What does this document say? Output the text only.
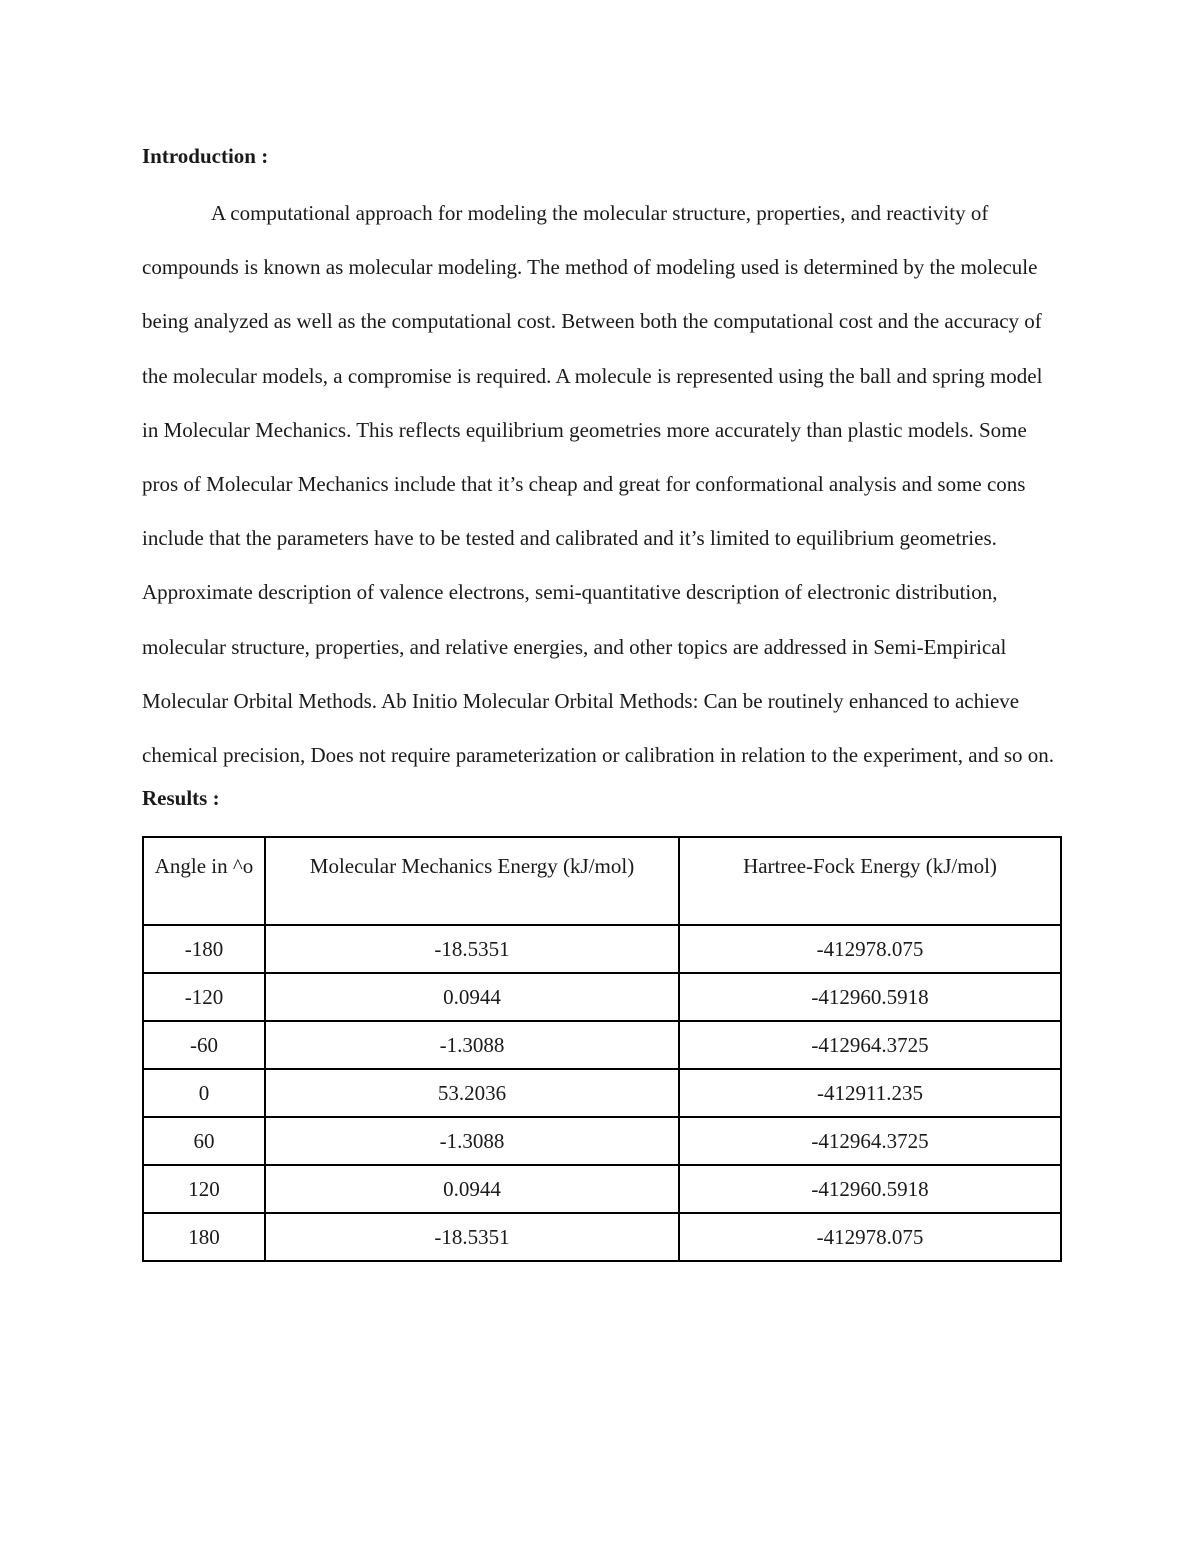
Introduction :

A computational approach for modeling the molecular structure, properties, and reactivity of compounds is known as molecular modeling. The method of modeling used is determined by the molecule being analyzed as well as the computational cost. Between both the computational cost and the accuracy of the molecular models, a compromise is required. A molecule is represented using the ball and spring model in Molecular Mechanics. This reflects equilibrium geometries more accurately than plastic models. Some pros of Molecular Mechanics include that it’s cheap and great for conformational analysis and some cons include that the parameters have to be tested and calibrated and it’s limited to equilibrium geometries. Approximate description of valence electrons, semi-quantitative description of electronic distribution, molecular structure, properties, and relative energies, and other topics are addressed in Semi-Empirical Molecular Orbital Methods. Ab Initio Molecular Orbital Methods: Can be routinely enhanced to achieve chemical precision, Does not require parameterization or calibration in relation to the experiment, and so on.

Results :

Angle in ^o	Molecular Mechanics Energy (kJ/mol)	Hartree-Fock Energy (kJ/mol)
-180	-18.5351	-412978.075
-120	0.0944	-412960.5918
-60	-1.3088	-412964.3725
0	53.2036	-412911.235
60	-1.3088	-412964.3725
120	0.0944	-412960.5918
180	-18.5351	-412978.075
